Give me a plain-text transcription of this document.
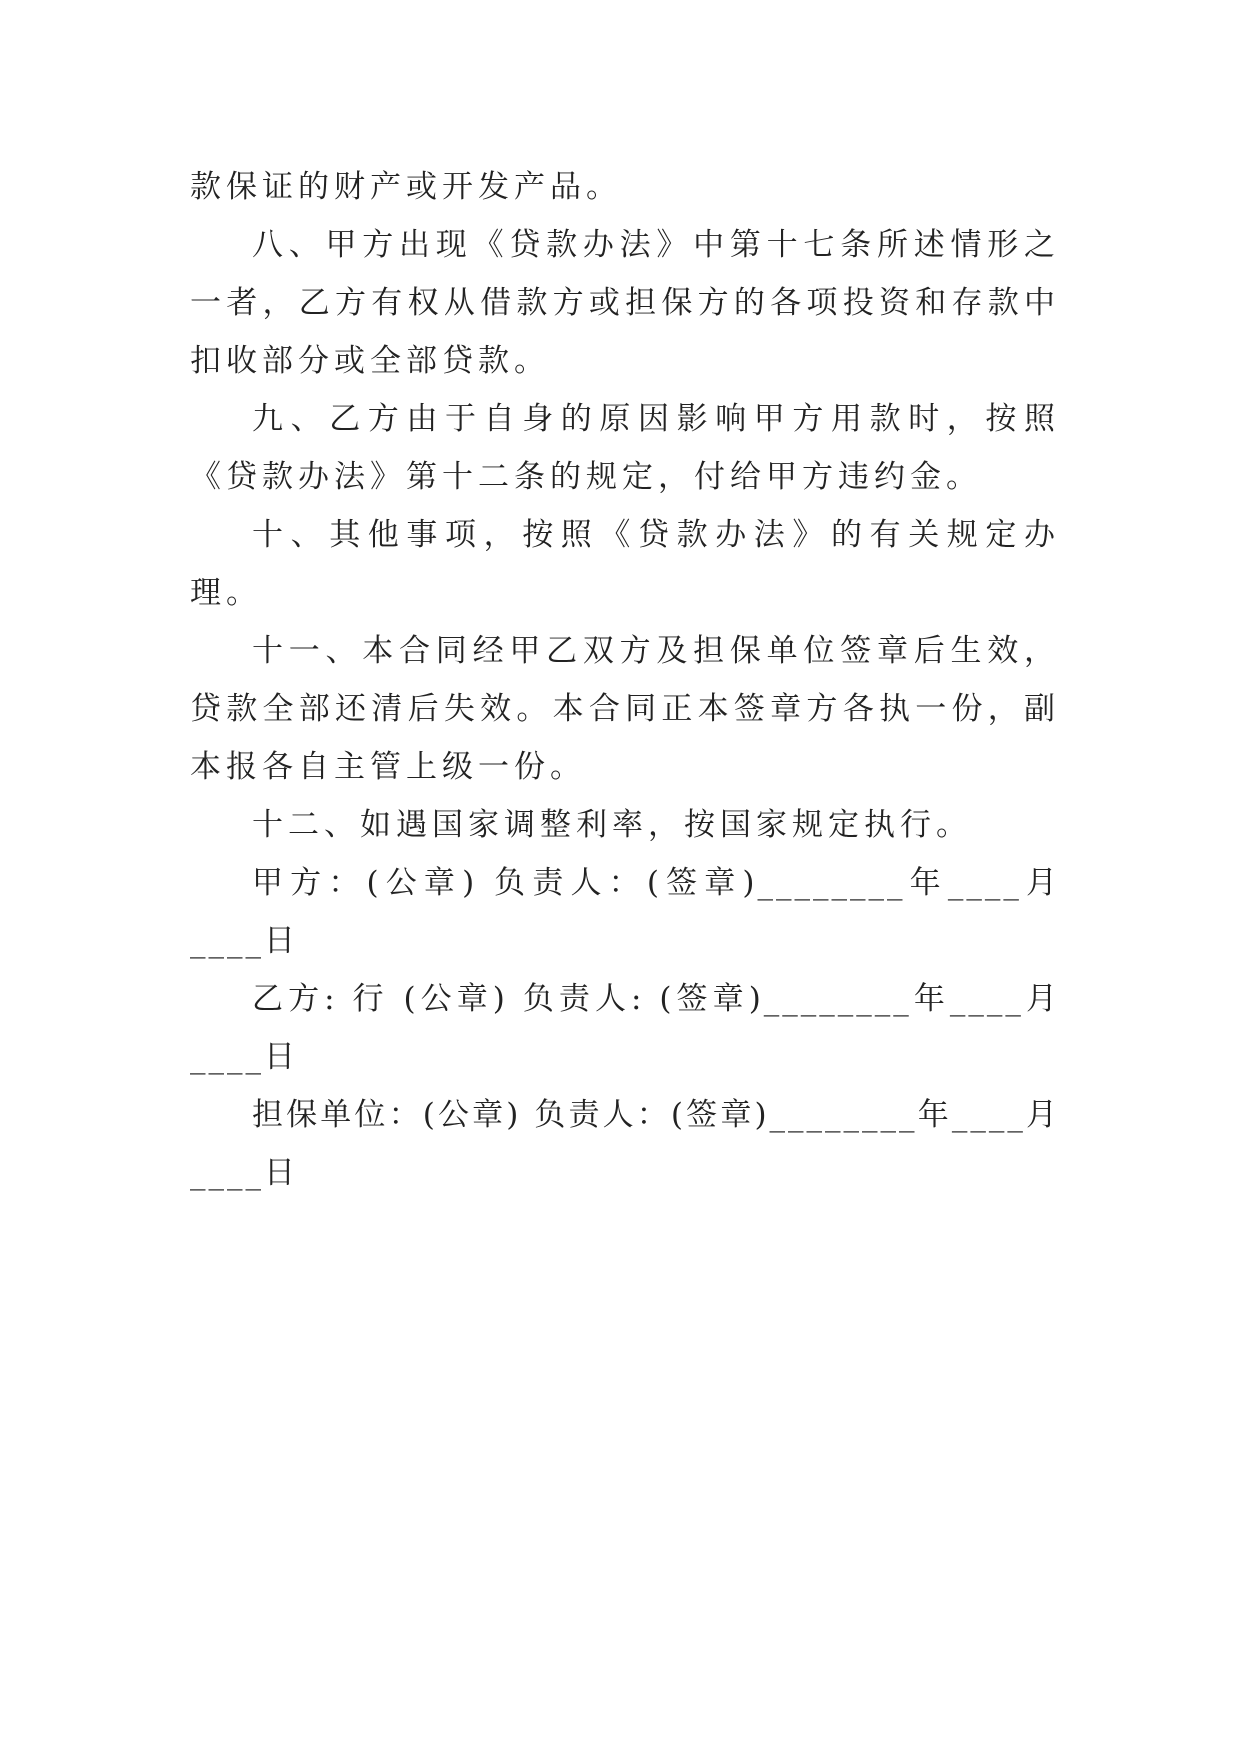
款保证的财产或开发产品。

八、甲方出现《贷款办法》中第十七条所述情形之一者，乙方有权从借款方或担保方的各项投资和存款中扣收部分或全部贷款。

九、乙方由于自身的原因影响甲方用款时，按照《贷款办法》第十二条的规定，付给甲方违约金。

十、其他事项，按照《贷款办法》的有关规定办理。

十一、本合同经甲乙双方及担保单位签章后生效，贷款全部还清后失效。本合同正本签章方各执一份，副本报各自主管上级一份。

十二、如遇国家调整利率，按国家规定执行。

甲方：(公章) 负责人：(签章)________年____月____日

乙方: 行 (公章) 负责人: (签章)________年____月____日

担保单位：(公章) 负责人：(签章)________年____月____日
